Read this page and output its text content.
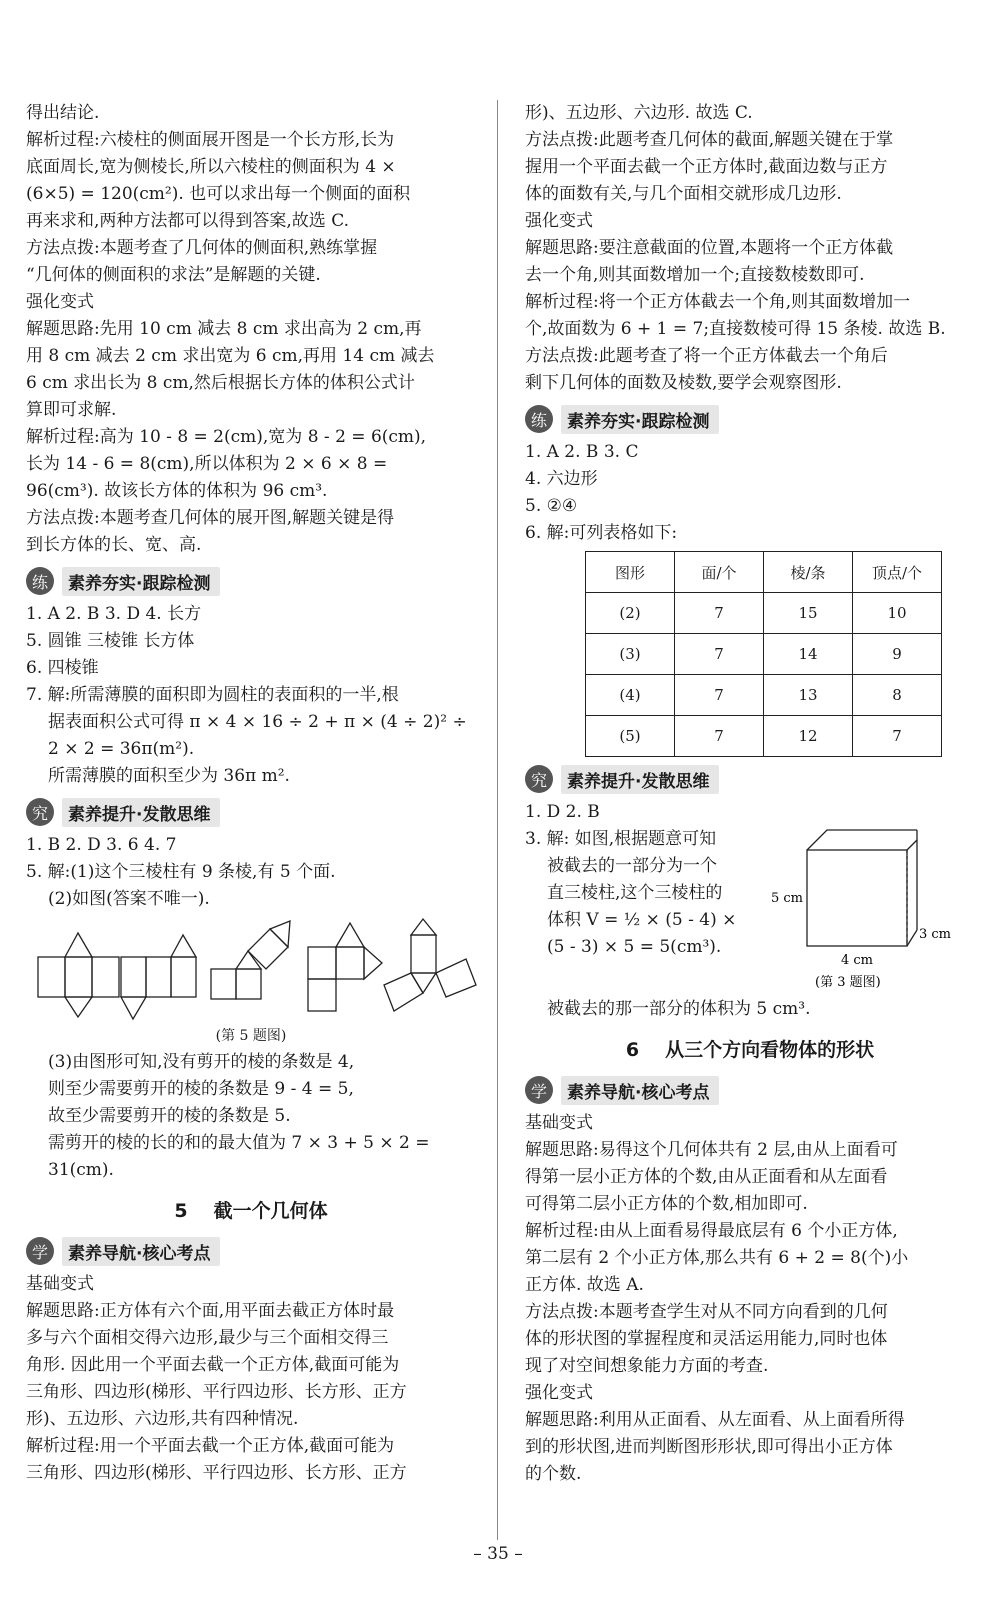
得出结论.

解析过程:六棱柱的侧面展开图是一个长方形,长为

底面周长,宽为侧棱长,所以六棱柱的侧面积为 4 ×

(6×5) = 120(cm²). 也可以求出每一个侧面的面积

再来求和,两种方法都可以得到答案,故选 C.

方法点拨:本题考查了几何体的侧面积,熟练掌握

“几何体的侧面积的求法”是解题的关键.

强化变式

解题思路:先用 10 cm 减去 8 cm 求出高为 2 cm,再

用 8 cm 减去 2 cm 求出宽为 6 cm,再用 14 cm 减去

6 cm 求出长为 8 cm,然后根据长方体的体积公式计

算即可求解.

解析过程:高为 10 - 8 = 2(cm),宽为 8 - 2 = 6(cm),

长为 14 - 6 = 8(cm),所以体积为 2 × 6 × 8 =

96(cm³). 故该长方体的体积为 96 cm³.

方法点拨:本题考查几何体的展开图,解题关键是得

到长方体的长、宽、高.

练	素养夯实·跟踪检测

1. A 2. B 3. D 4. 长方

5. 圆锥 三棱锥 长方体

6. 四棱锥

7. 解:所需薄膜的面积即为圆柱的表面积的一半,根

据表面积公式可得 π × 4 × 16 ÷ 2 + π × (4 ÷ 2)² ÷

2 × 2 = 36π(m²).

所需薄膜的面积至少为 36π m².

究	素养提升·发散思维

1. B 2. D 3. 6 4. 7

5. 解:(1)这个三棱柱有 9 条棱,有 5 个面.

(2)如图(答案不唯一).

(第 5 题图)

(3)由图形可知,没有剪开的棱的条数是 4,

则至少需要剪开的棱的条数是 9 - 4 = 5,

故至少需要剪开的棱的条数是 5.

需剪开的棱的长的和的最大值为 7 × 3 + 5 × 2 =

31(cm).

5 截一个几何体
学	素养导航·核心考点

基础变式

解题思路:正方体有六个面,用平面去截正方体时最

多与六个面相交得六边形,最少与三个面相交得三

角形. 因此用一个平面去截一个正方体,截面可能为

三角形、四边形(梯形、平行四边形、长方形、正方

形)、五边形、六边形,共有四种情况.

解析过程:用一个平面去截一个正方体,截面可能为

三角形、四边形(梯形、平行四边形、长方形、正方

形)、五边形、六边形. 故选 C.

方法点拨:此题考查几何体的截面,解题关键在于掌

握用一个平面去截一个正方体时,截面边数与正方

体的面数有关,与几个面相交就形成几边形.

强化变式

解题思路:要注意截面的位置,本题将一个正方体截

去一个角,则其面数增加一个;直接数棱数即可.

解析过程:将一个正方体截去一个角,则其面数增加一

个,故面数为 6 + 1 = 7;直接数棱可得 15 条棱. 故选 B.

方法点拨:此题考查了将一个正方体截去一个角后

剩下几何体的面数及棱数,要学会观察图形.

练	素养夯实·跟踪检测

1. A 2. B 3. C

4. 六边形

5. ②④

6. 解:可列表格如下:

图形	面/个	棱/条	顶点/个
(2)	7	15	10
(3)	7	14	9
(4)	7	13	8
(5)	7	12	7
究	素养提升·发散思维

1. D 2. B

3. 解: 如图,根据题意可知

被截去的一部分为一个

直三棱柱,这个三棱柱的

体积 V = ½ × (5 - 4) ×

(5 - 3) × 5 = 5(cm³).

5 cm
4 cm
3 cm
(第 3 题图)

被截去的那一部分的体积为 5 cm³.

6 从三个方向看物体的形状
学	素养导航·核心考点

基础变式

解题思路:易得这个几何体共有 2 层,由从上面看可

得第一层小正方体的个数,由从正面看和从左面看

可得第二层小正方体的个数,相加即可.

解析过程:由从上面看易得最底层有 6 个小正方体,

第二层有 2 个小正方体,那么共有 6 + 2 = 8(个)小

正方体. 故选 A.

方法点拨:本题考查学生对从不同方向看到的几何

体的形状图的掌握程度和灵活运用能力,同时也体

现了对空间想象能力方面的考查.

强化变式

解题思路:利用从正面看、从左面看、从上面看所得

到的形状图,进而判断图形形状,即可得出小正方体

的个数.

– 35 –
